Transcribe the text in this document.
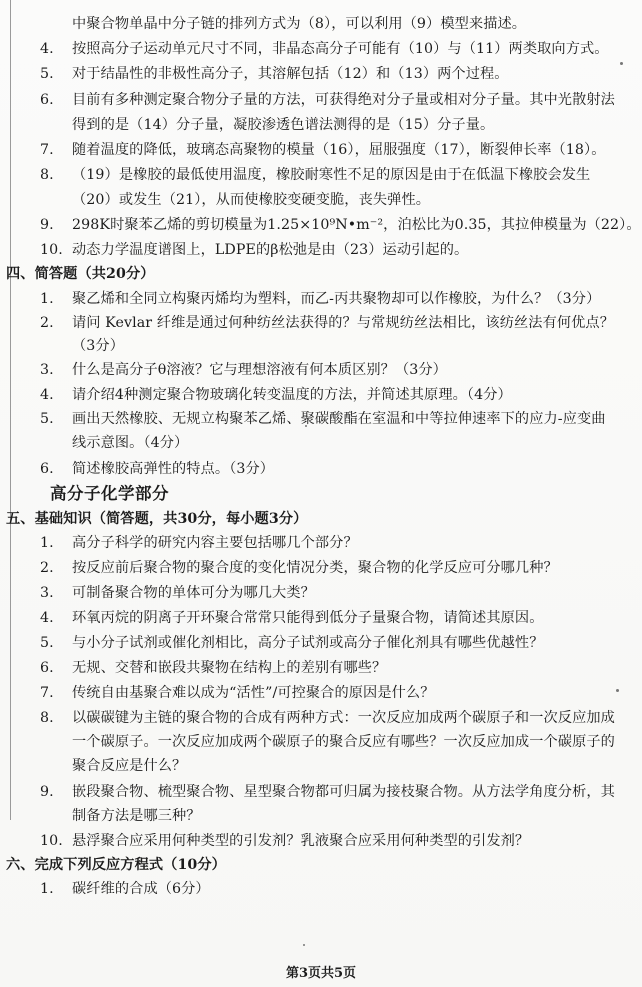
中聚合物单晶中分子链的排列方式为（8），可以利用（9）模型来描述。
4.	按照高分子运动单元尺寸不同，非晶态高分子可能有（10）与（11）两类取向方式。
5.	对于结晶性的非极性高分子，其溶解包括（12）和（13）两个过程。
6.	目前有多种测定聚合物分子量的方法，可获得绝对分子量或相对分子量。其中光散射法
得到的是（14）分子量，凝胶渗透色谱法测得的是（15）分子量。
7.	随着温度的降低，玻璃态高聚物的模量（16），屈服强度（17），断裂伸长率（18）。
8.	（19）是橡胶的最低使用温度，橡胶耐寒性不足的原因是由于在低温下橡胶会发生
（20）或发生（21），从而使橡胶变硬变脆，丧失弹性。
9.	298K时聚苯乙烯的剪切模量为1.25×10⁹N•m⁻²，泊松比为0.35，其拉伸模量为（22）。
10. 动态力学温度谱图上，LDPE的β松弛是由（23）运动引起的。
四、简答题（共20分）
1.	聚乙烯和全同立构聚丙烯均为塑料，而乙-丙共聚物却可以作橡胶，为什么？（3分）
2.	请问 Kevlar 纤维是通过何种纺丝法获得的？与常规纺丝法相比，该纺丝法有何优点？
（3分）
3.	什么是高分子θ溶液？它与理想溶液有何本质区别？（3分）
4.	请介绍4种测定聚合物玻璃化转变温度的方法，并简述其原理。（4分）
5.	画出天然橡胶、无规立构聚苯乙烯、聚碳酸酯在室温和中等拉伸速率下的应力-应变曲
线示意图。（4分）
6.	简述橡胶高弹性的特点。（3分）
高分子化学部分
五、基础知识（简答题，共30分，每小题3分）
1.	高分子科学的研究内容主要包括哪几个部分？
2.	按反应前后聚合物的聚合度的变化情况分类，聚合物的化学反应可分哪几种？
3.	可制备聚合物的单体可分为哪几大类？
4.	环氧丙烷的阴离子开环聚合常常只能得到低分子量聚合物，请简述其原因。
5.	与小分子试剂或催化剂相比，高分子试剂或高分子催化剂具有哪些优越性？
6.	无规、交替和嵌段共聚物在结构上的差别有哪些？
7.	传统自由基聚合难以成为“活性”/可控聚合的原因是什么？
8.	以碳碳键为主链的聚合物的合成有两种方式：一次反应加成两个碳原子和一次反应加成
一个碳原子。一次反应加成两个碳原子的聚合反应有哪些？一次反应加成一个碳原子的
聚合反应是什么？
9.	嵌段聚合物、梳型聚合物、星型聚合物都可归属为接枝聚合物。从方法学角度分析，其
制备方法是哪三种？
10. 悬浮聚合应采用何种类型的引发剂？乳液聚合应采用何种类型的引发剂？
六、完成下列反应方程式（10分）
1.	碳纤维的合成（6分）
第3页共5页
